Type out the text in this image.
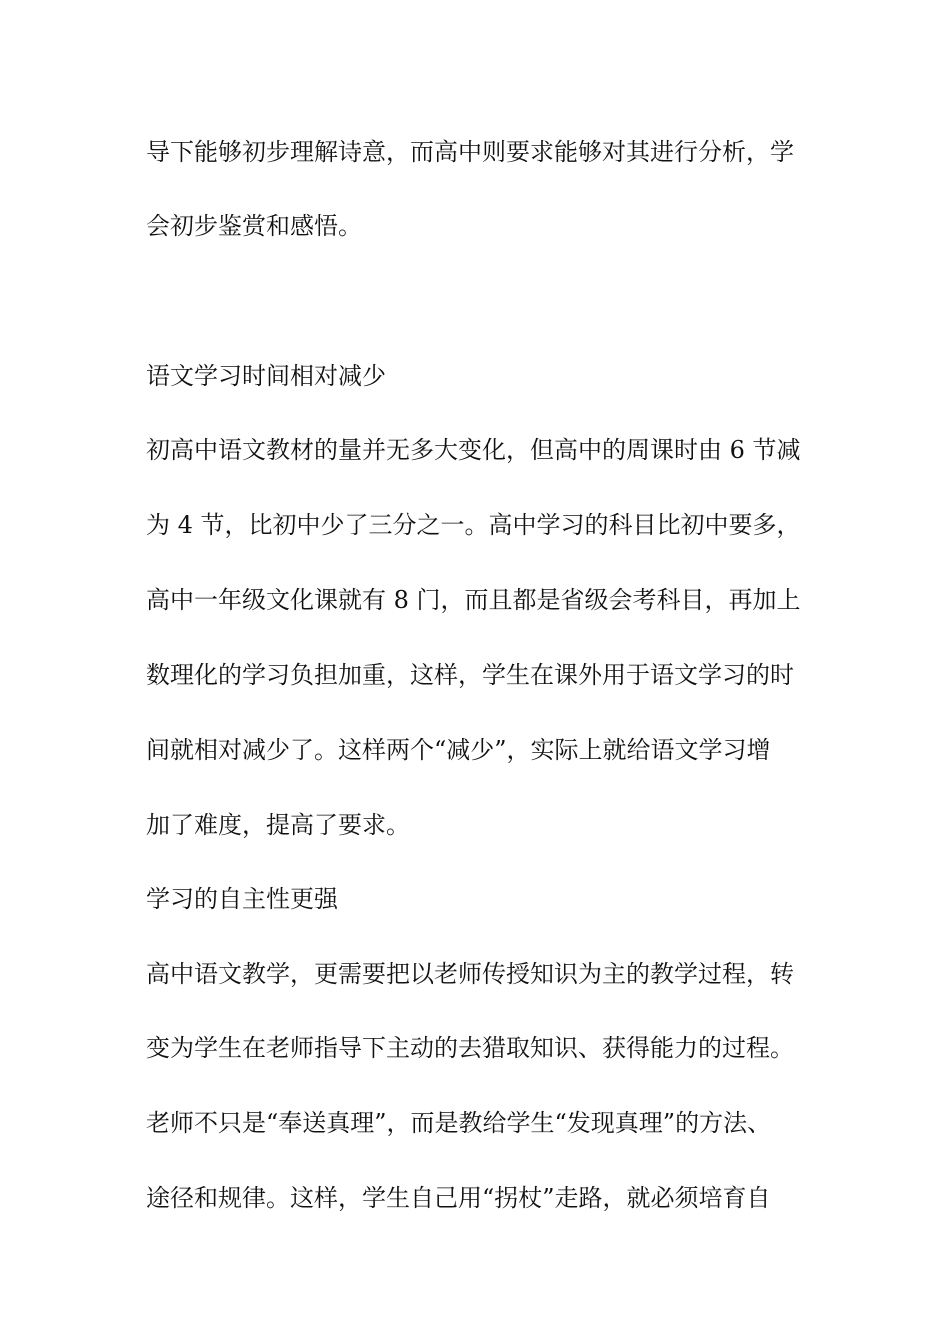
导下能够初步理解诗意，而高中则要求能够对其进行分析，学
会初步鉴赏和感悟。
语文学习时间相对减少
初高中语文教材的量并无多大变化，但高中的周课时由 6 节减
为 4 节，比初中少了三分之一。高中学习的科目比初中要多，
高中一年级文化课就有 8 门，而且都是省级会考科目，再加上
数理化的学习负担加重，这样，学生在课外用于语文学习的时
间就相对减少了。这样两个“减少”，实际上就给语文学习增
加了难度，提高了要求。
学习的自主性更强
高中语文教学，更需要把以老师传授知识为主的教学过程，转
变为学生在老师指导下主动的去猎取知识、获得能力的过程。
老师不只是“奉送真理”，而是教给学生“发现真理”的方法、
途径和规律。这样，学生自己用“拐杖”走路，就必须培育自
